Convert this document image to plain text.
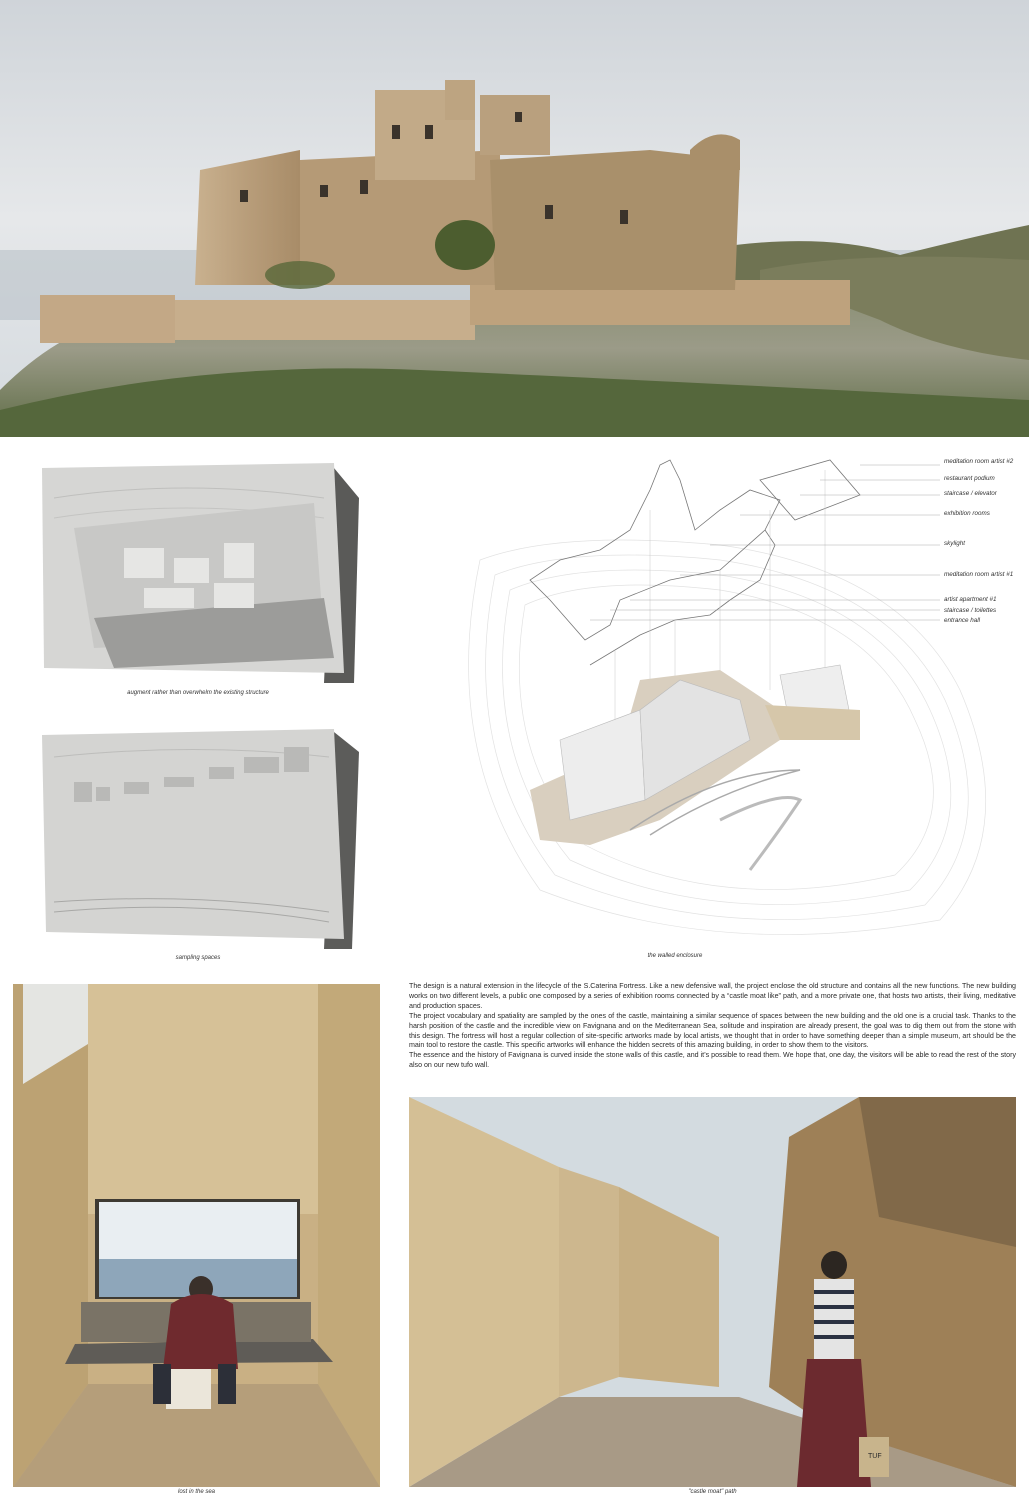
augment rather than overwhelm the existing structure
sampling spaces
meditation room artist #2
restaurant podium
staircase / elevator
exhibition rooms
skylight
meditation room artist #1
artist apartment #1
staircase / toilettes
entrance hall
the walled enclosure
lost in the sea

The design is a natural extension in the lifecycle of the S.Caterina Fortress. Like a new defensive wall, the project enclose the old structure and contains all the new functions. The new building works on two different levels, a public one composed by a series of exhibition rooms connected by a “castle moat like” path, and a more private one, that hosts two artists, their living, meditative and production spaces.

The project vocabulary and spatiality are sampled by the ones of the castle, maintaining a similar sequence of spaces between the new building and the old one is a crucial task. Thanks to the harsh position of the castle and the incredible view on Favignana and on the Mediterranean Sea, solitude and inspiration are already present, the goal was to dig them out from the stone with this design. The fortress will host a regular collection of site-specific artworks made by local artists, we thought that in order to have something deeper than a simple museum, art should be the main tool to restore the castle. This specific artworks will enhance the hidden secrets of this amazing building, in order to show them to the visitors.

The essence and the history of Favignana is curved inside the stone walls of this castle, and it’s possible to read them. We hope that, one day, the visitors will be able to read the rest of the story also on our new tufo wall.

TUF
"castle moat" path
